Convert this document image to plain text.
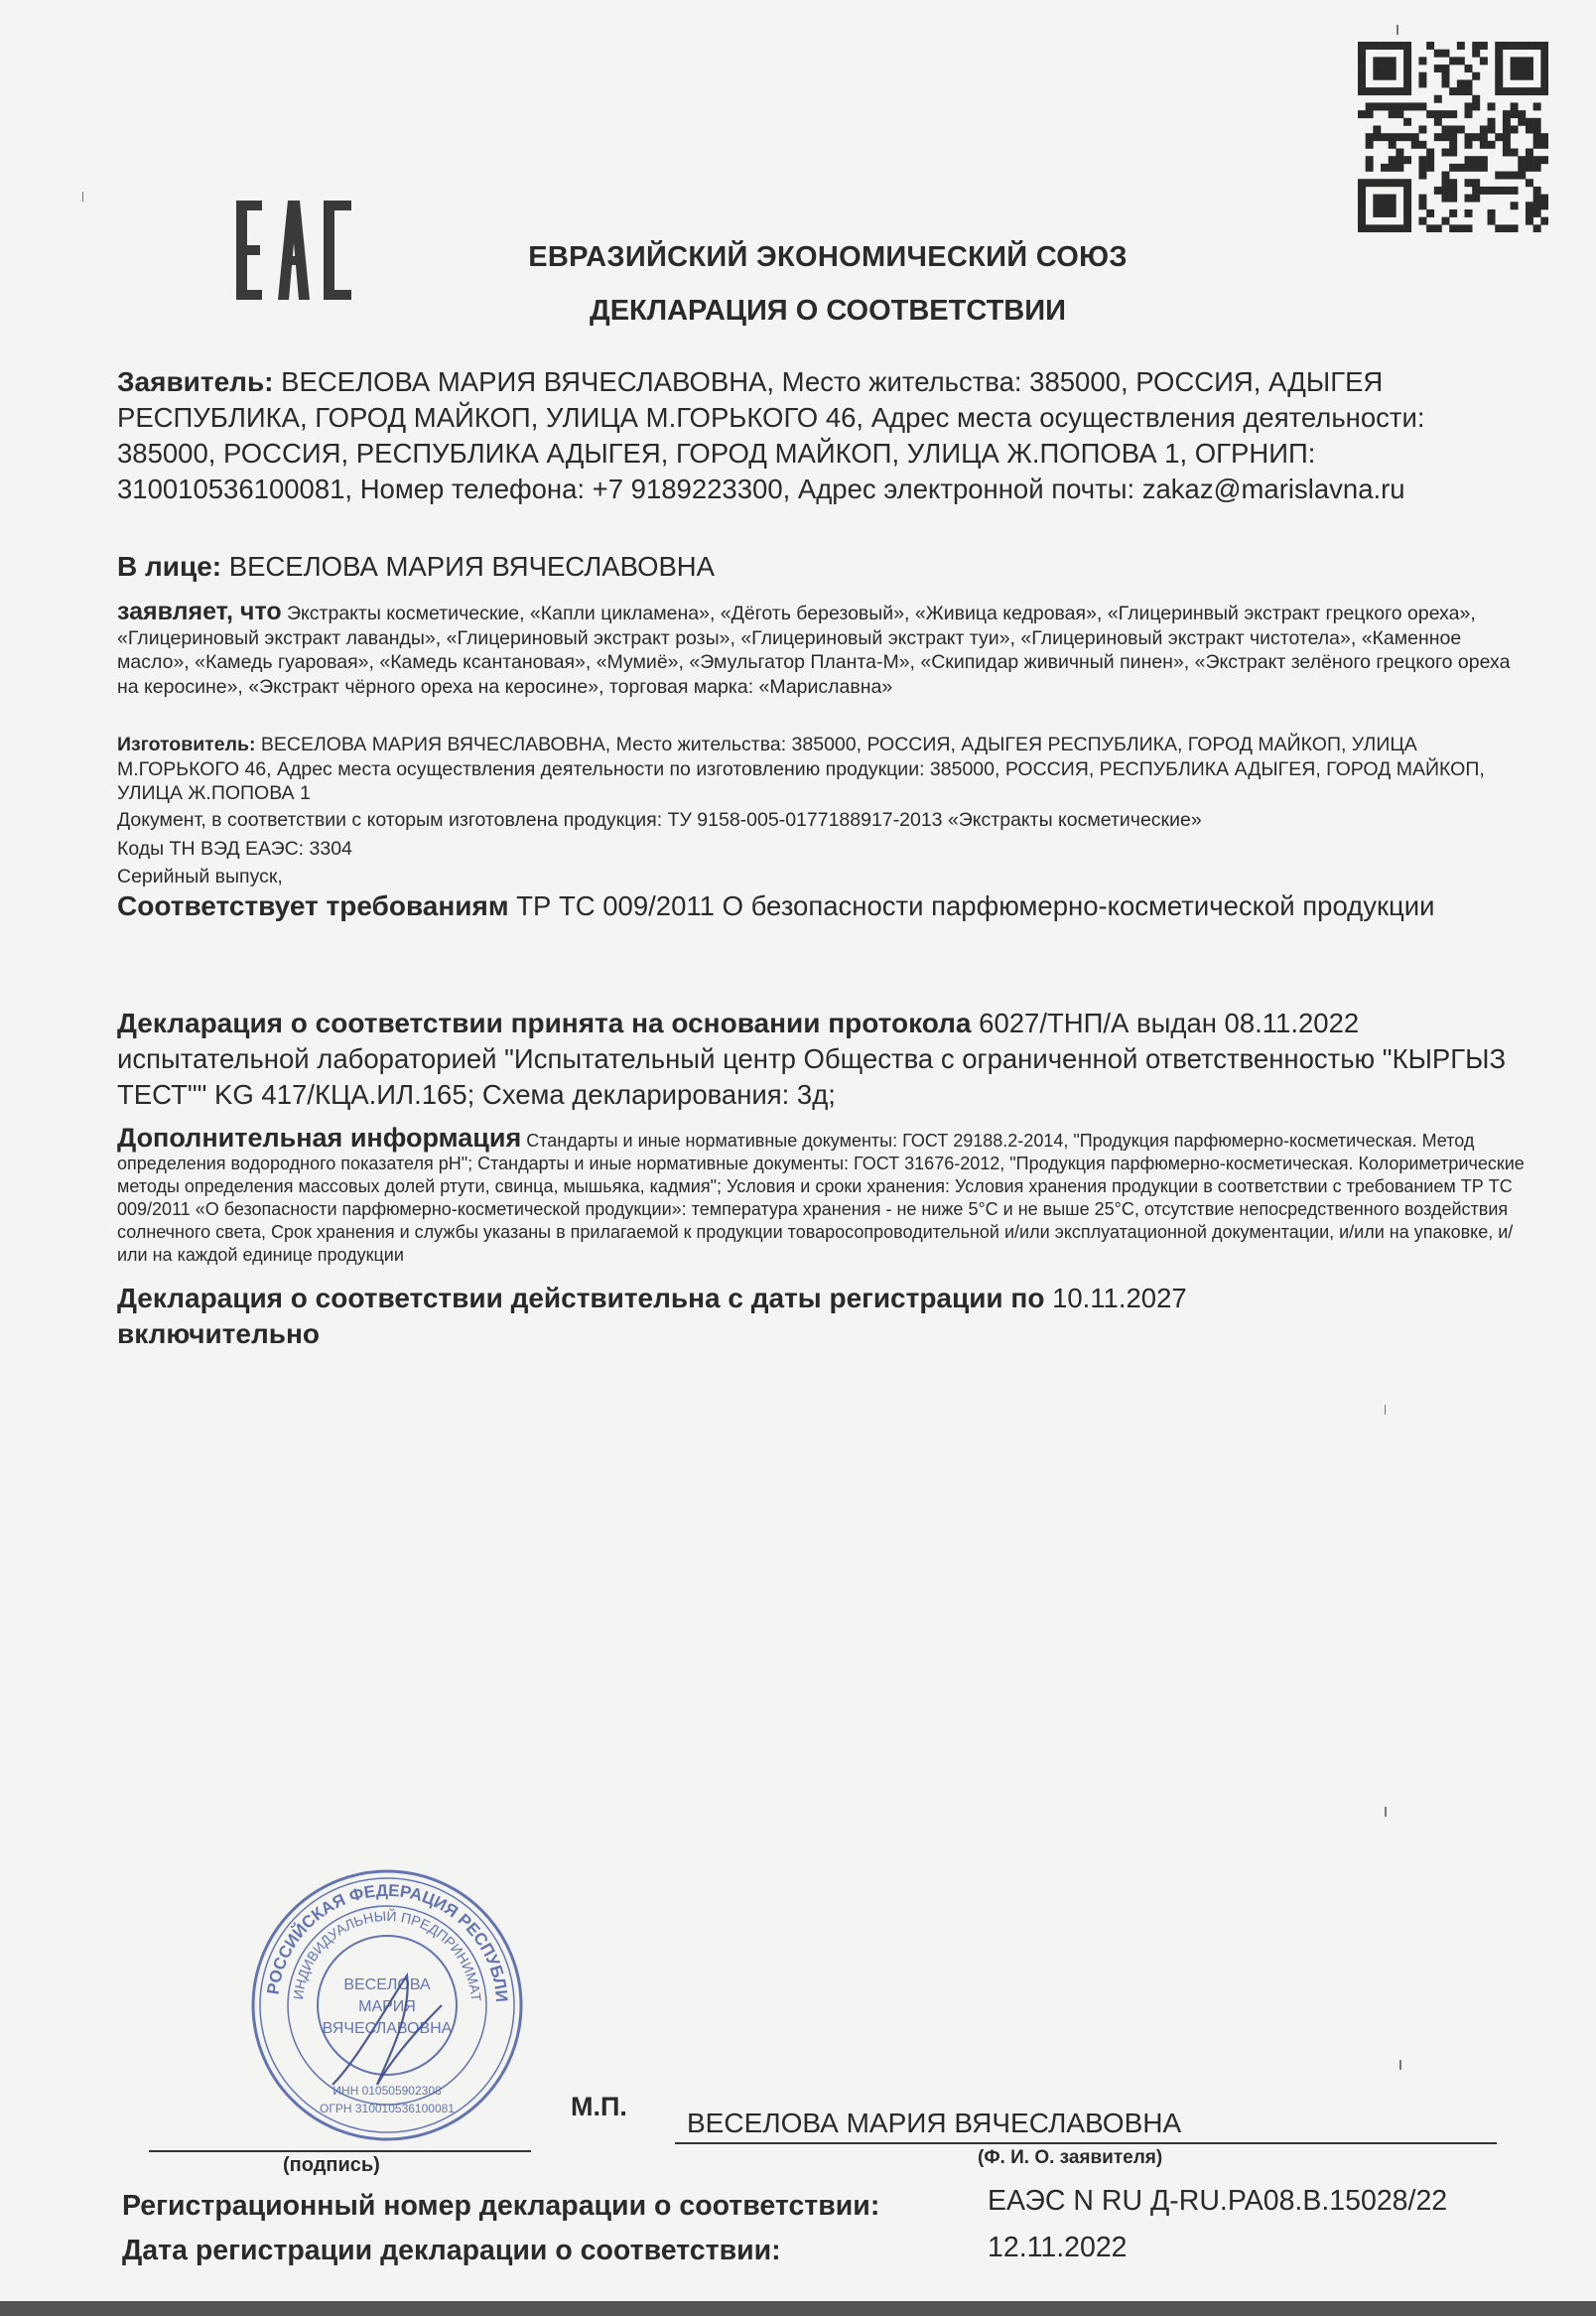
ЕВРАЗИЙСКИЙ ЭКОНОМИЧЕСКИЙ СОЮЗ
ДЕКЛАРАЦИЯ О СООТВЕТСТВИИ
Заявитель: ВЕСЕЛОВА МАРИЯ ВЯЧЕСЛАВОВНА, Место жительства: 385000, РОССИЯ, АДЫГЕЯ РЕСПУБЛИКА, ГОРОД МАЙКОП, УЛИЦА М.ГОРЬКОГО 46, Адрес места осуществления деятельности: 385000, РОССИЯ, РЕСПУБЛИКА АДЫГЕЯ, ГОРОД МАЙКОП, УЛИЦА Ж.ПОПОВА 1, ОГРНИП: 310010536100081, Номер телефона: +7 9189223300, Адрес электронной почты: zakaz@marislavna.ru
В лице: ВЕСЕЛОВА МАРИЯ ВЯЧЕСЛАВОВНА
заявляет, что Экстракты косметические, «Капли цикламена», «Дёготь березовый», «Живица кедровая», «Глицеринвый экстракт грецкого ореха», «Глицериновый экстракт лаванды», «Глицериновый экстракт розы», «Глицериновый экстракт туи», «Глицериновый экстракт чистотела», «Каменное масло», «Камедь гуаровая», «Камедь ксантановая», «Мумиё», «Эмульгатор Планта-М», «Скипидар живичный пинен», «Экстракт зелёного грецкого ореха на керосине», «Экстракт чёрного ореха на керосине», торговая марка: «Мариславна»
Изготовитель: ВЕСЕЛОВА МАРИЯ ВЯЧЕСЛАВОВНА, Место жительства: 385000, РОССИЯ, АДЫГЕЯ РЕСПУБЛИКА, ГОРОД МАЙКОП, УЛИЦА М.ГОРЬКОГО 46, Адрес места осуществления деятельности по изготовлению продукции: 385000, РОССИЯ, РЕСПУБЛИКА АДЫГЕЯ, ГОРОД МАЙКОП, УЛИЦА Ж.ПОПОВА 1
Документ, в соответствии с которым изготовлена продукция: ТУ 9158-005-0177188917-2013 «Экстракты косметические»
Коды ТН ВЭД ЕАЭС: 3304
Серийный выпуск,
Соответствует требованиям ТР ТС 009/2011 О безопасности парфюмерно-косметической продукции
Декларация о соответствии принята на основании протокола 6027/ТНП/А выдан 08.11.2022 испытательной лабораторией "Испытательный центр Общества с ограниченной ответственностью "КЫРГЫЗ ТЕСТ"" KG 417/КЦА.ИЛ.165; Схема декларирования: 3д;
Дополнительная информация Стандарты и иные нормативные документы: ГОСТ 29188.2-2014, "Продукция парфюмерно-косметическая. Метод определения водородного показателя pH"; Стандарты и иные нормативные документы: ГОСТ 31676-2012, "Продукция парфюмерно-косметическая. Колориметрические методы определения массовых долей ртути, свинца, мышьяка, кадмия"; Условия и сроки хранения: Условия хранения продукции в соответствии с требованием ТР ТС 009/2011 «О безопасности парфюмерно-косметической продукции»: температура хранения - не ниже 5°C и не выше 25°C, отсутствие непосредственного воздействия солнечного света, Срок хранения и службы указаны в прилагаемой к продукции товаросопроводительной и/или эксплуатационной документации, и/или на упаковке, и/или на каждой единице продукции
Декларация о соответствии действительна с даты регистрации по 10.11.2027
включительно
РОССИЙСКАЯ ФЕДЕРАЦИЯ РЕСПУБЛИ
ИНДИВИДУАЛЬНЫЙ ПРЕДПРИНИМАТ
ВЕСЕЛОВА
МАРИЯ
ВЯЧЕСЛАВОВНА
ИНН 010505902308
ОГРН 310010536100081	М.П.
ВЕСЕЛОВА МАРИЯ ВЯЧЕСЛАВОВНА
(подпись)	(Ф. И. О. заявителя)
Регистрационный номер декларации о соответствии:	ЕАЭС N RU Д-RU.PA08.B.15028/22
Дата регистрации декларации о соответствии:	12.11.2022
